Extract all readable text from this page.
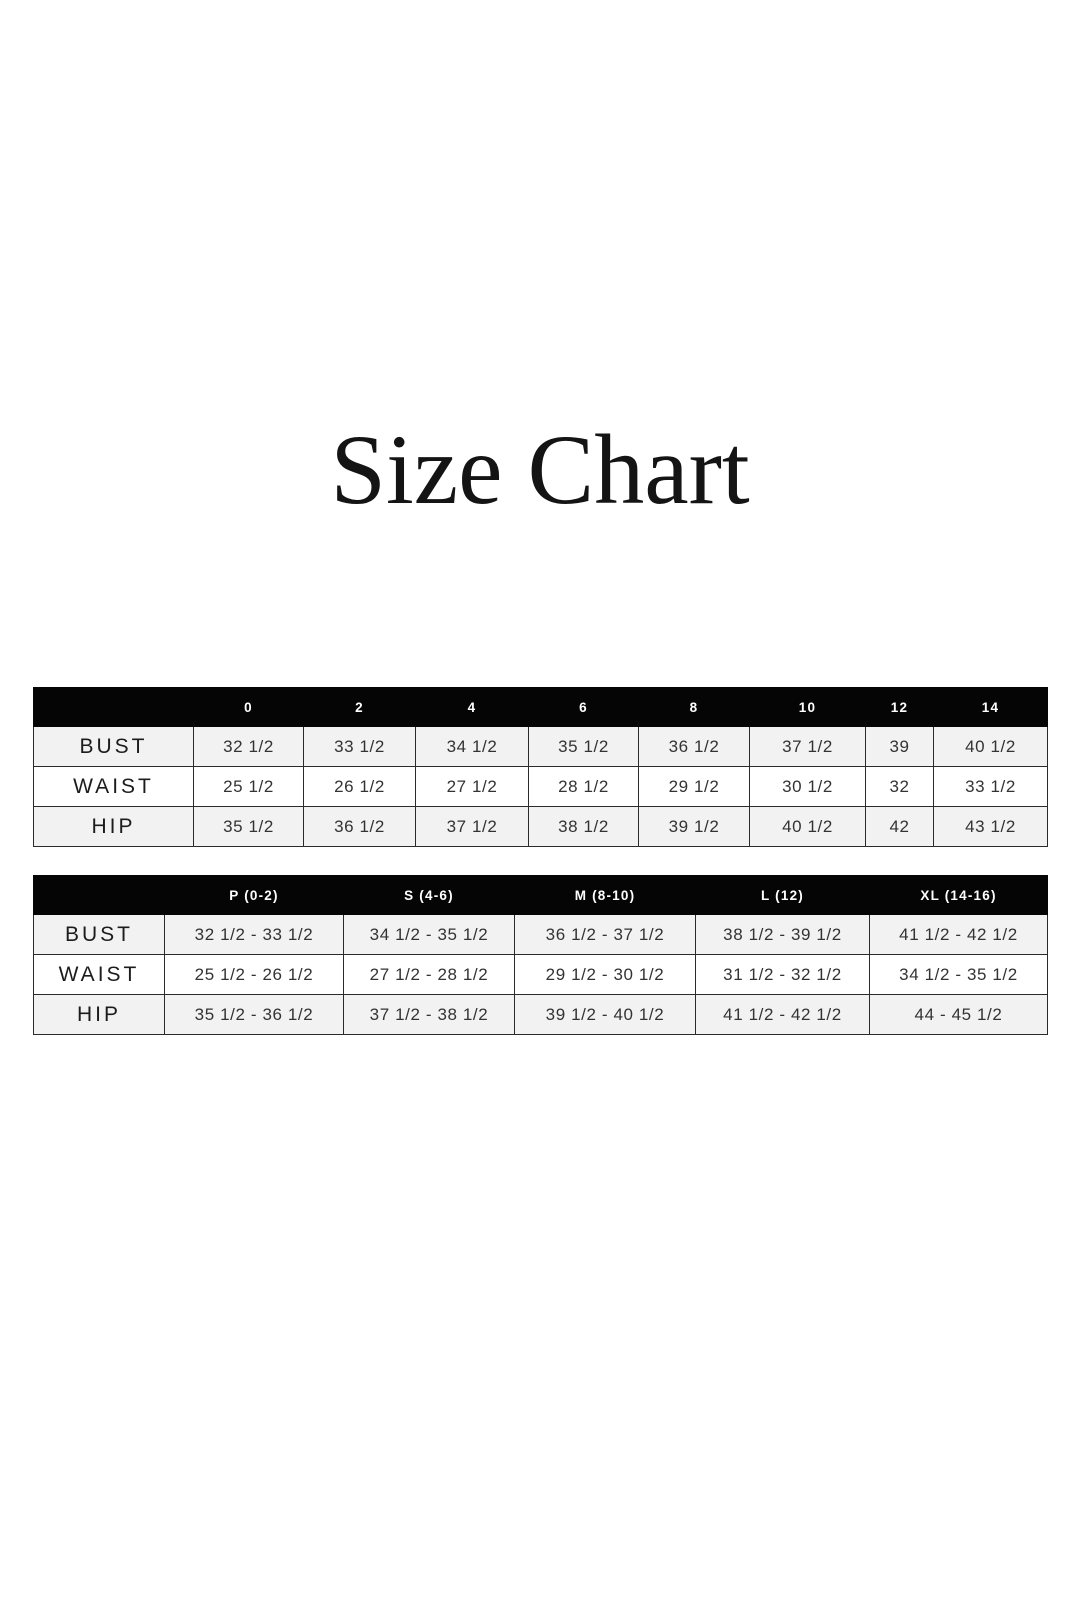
Size Chart
	0	2	4	6	8	10	12	14
BUST	32 1/2	33 1/2	34 1/2	35 1/2	36 1/2	37 1/2	39	40 1/2
WAIST	25 1/2	26 1/2	27 1/2	28 1/2	29 1/2	30 1/2	32	33 1/2
HIP	35 1/2	36 1/2	37 1/2	38 1/2	39 1/2	40 1/2	42	43 1/2
	P (0-2)	S (4-6)	M (8-10)	L (12)	XL (14-16)
BUST	32 1/2 - 33 1/2	34 1/2 - 35 1/2	36 1/2 - 37 1/2	38 1/2 - 39 1/2	41 1/2 - 42 1/2
WAIST	25 1/2 - 26 1/2	27 1/2 - 28 1/2	29 1/2 - 30 1/2	31 1/2 - 32 1/2	34 1/2 - 35 1/2
HIP	35 1/2 - 36 1/2	37 1/2 - 38 1/2	39 1/2 - 40 1/2	41 1/2 - 42 1/2	44 - 45 1/2
